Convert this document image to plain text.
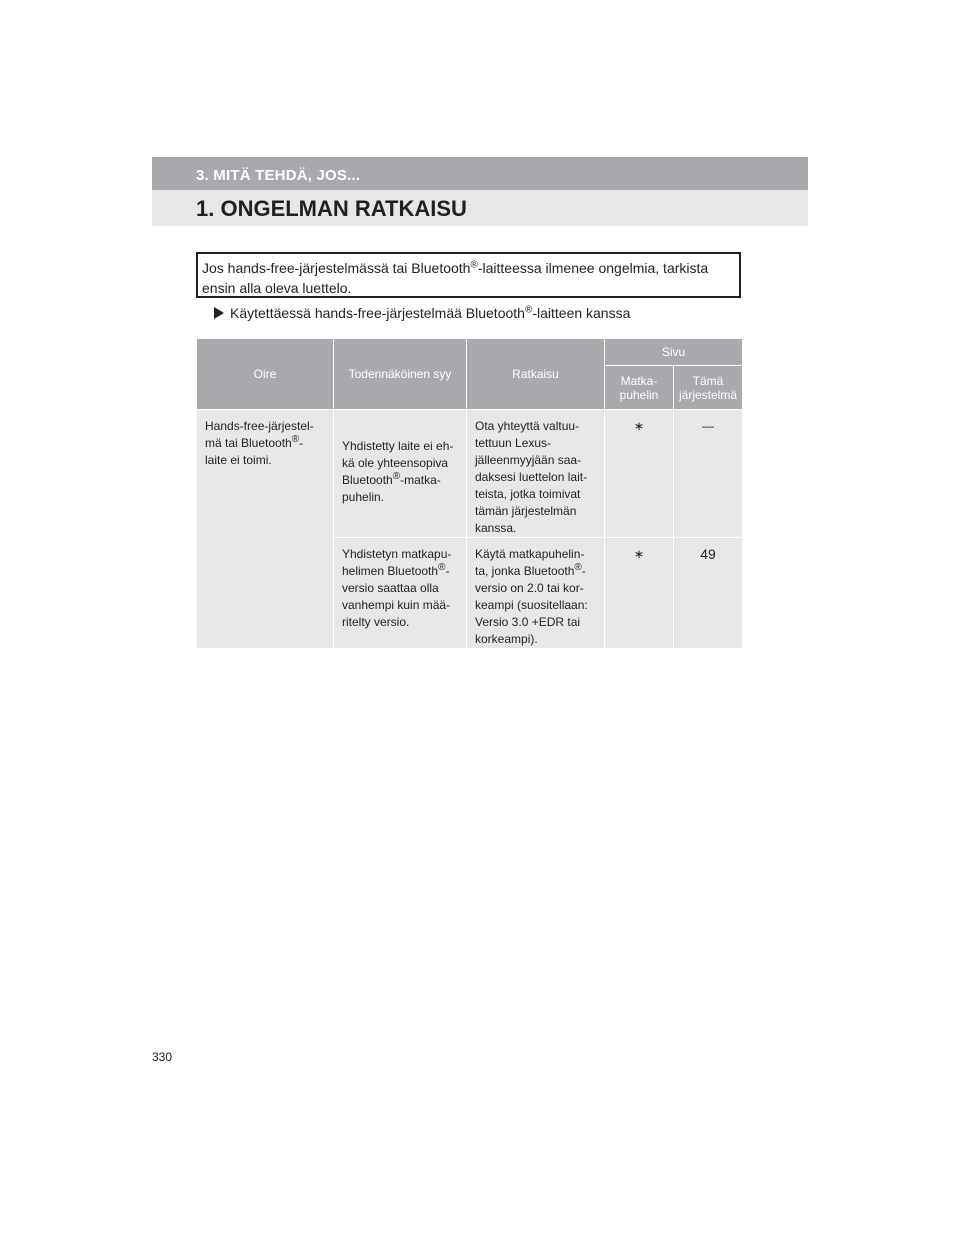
3. MITÄ TEHDÄ, JOS...
1. ONGELMAN RATKAISU
Jos hands-free-järjestelmässä tai Bluetooth®-laitteessa ilmenee ongelmia, tarkista ensin alla oleva luettelo.
Käytettäessä hands-free-järjestelmää Bluetooth®-laitteen kanssa
Oire	Todennäköinen syy	Ratkaisu	Sivu	
			Matka-puhelin	Tämä järjestelmä
Hands-free-järjestel-mä tai Bluetooth®-laite ei toimi.	Yhdistetty laite ei eh-kä ole yhteensopiva Bluetooth®-matka-puhelin.	Ota yhteyttä valtuu-tettuun Lexus-jälleenmyyjään saa-daksesi luettelon lait-teista, jotka toimivat tämän järjestelmän kanssa.	∗	—
	Yhdistetyn matkapu-helimen Bluetooth®-versio saattaa olla vanhempi kuin mää-ritelty versio.	Käytä matkapuhelin-ta, jonka Bluetooth®-versio on 2.0 tai kor-keampi (suositellaan: Versio 3.0 +EDR tai korkeampi).	∗	49
330
